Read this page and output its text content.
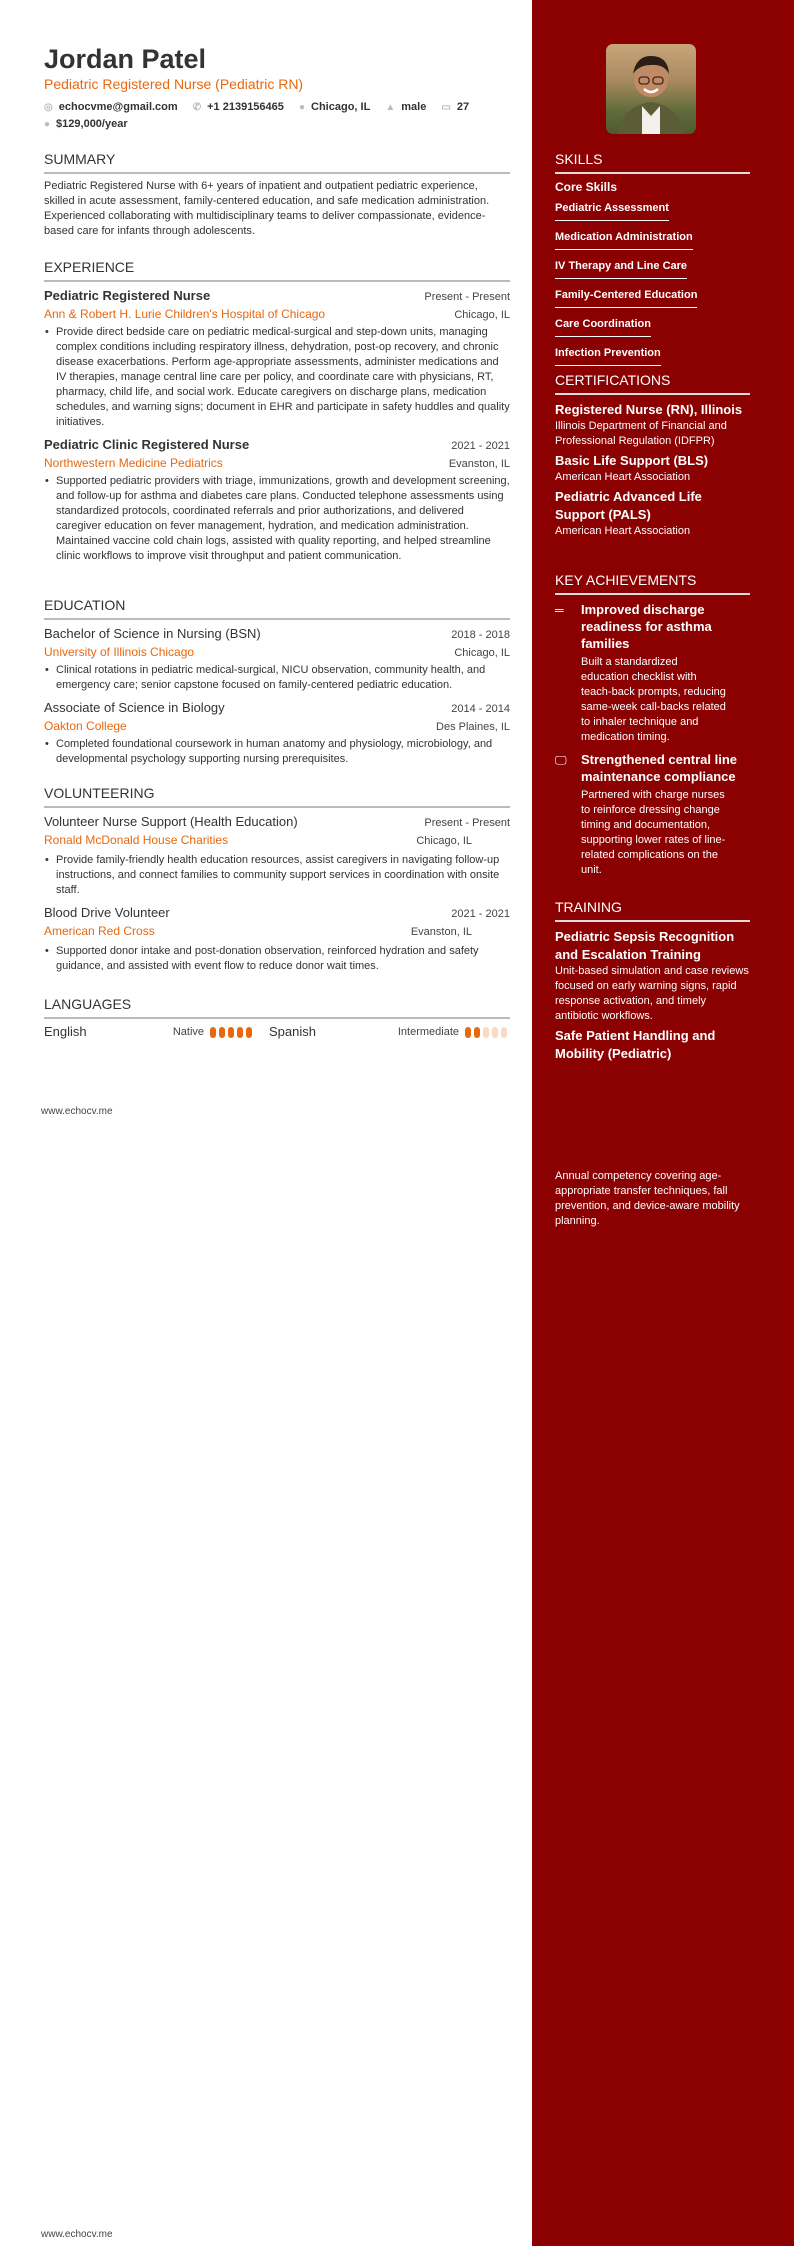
Jordan Patel
Pediatric Registered Nurse (Pediatric RN)
◎ echocvme@gmail.com ✆ +1 2139156465 ● Chicago, IL ▲ male ▭ 27
● $129,000/year
SUMMARY
Pediatric Registered Nurse with 6+ years of inpatient and outpatient pediatric experience, skilled in acute assessment, family-centered education, and safe medication administration. Experienced collaborating with multidisciplinary teams to deliver compassionate, evidence-based care for infants through adolescents.
EXPERIENCE
Pediatric Registered Nurse	Present - Present
Ann & Robert H. Lurie Children's Hospital of Chicago	Chicago, IL
• Provide direct bedside care on pediatric medical-surgical and step-down units, managing complex conditions including respiratory illness, dehydration, post-op recovery, and chronic disease exacerbations. Perform age-appropriate assessments, administer medications and IV therapies, manage central line care per policy, and coordinate care with physicians, RT, pharmacy, child life, and social work. Educate caregivers on discharge plans, medication schedules, and warning signs; document in EHR and participate in safety huddles and quality initiatives.
Pediatric Clinic Registered Nurse	2021 - 2021
Northwestern Medicine Pediatrics	Evanston, IL
• Supported pediatric providers with triage, immunizations, growth and development screening, and follow-up for asthma and diabetes care plans. Conducted telephone assessments using standardized protocols, coordinated referrals and prior authorizations, and delivered caregiver education on fever management, hydration, and medication administration. Maintained vaccine cold chain logs, assisted with quality reporting, and helped streamline clinic workflows to improve visit throughput and patient communication.
EDUCATION
Bachelor of Science in Nursing (BSN)	2018 - 2018
University of Illinois Chicago	Chicago, IL
• Clinical rotations in pediatric medical-surgical, NICU observation, community health, and emergency care; senior capstone focused on family-centered pediatric education.
Associate of Science in Biology	2014 - 2014
Oakton College	Des Plaines, IL
• Completed foundational coursework in human anatomy and physiology, microbiology, and developmental psychology supporting nursing prerequisites.
VOLUNTEERING
Volunteer Nurse Support (Health Education)	Present - Present
Ronald McDonald House Charities	Chicago, IL
• Provide family-friendly health education resources, assist caregivers in navigating follow-up instructions, and connect families to community support services in coordination with onsite staff.
Blood Drive Volunteer	2021 - 2021
American Red Cross	Evanston, IL
• Supported donor intake and post-donation observation, reinforced hydration and safety guidance, and assisted with event flow to reduce donor wait times.
LANGUAGES
English	Native	Spanish	Intermediate
www.echocv.me
www.echocv.me
SKILLS
Core Skills
Pediatric Assessment
Medication Administration
IV Therapy and Line Care
Family-Centered Education
Care Coordination
Infection Prevention
CERTIFICATIONS
Registered Nurse (RN), Illinois
Illinois Department of Financial and Professional Regulation (IDFPR)
Basic Life Support (BLS)
American Heart Association
Pediatric Advanced Life Support (PALS)
American Heart Association
KEY ACHIEVEMENTS
═	Improved discharge readiness for asthma families
Built a standardized education checklist with teach-back prompts, reducing same-week call-backs related to inhaler technique and medication timing.
🖵	Strengthened central line maintenance compliance
Partnered with charge nurses to reinforce dressing change timing and documentation, supporting lower rates of line-related complications on the unit.
TRAINING
Pediatric Sepsis Recognition and Escalation Training
Unit-based simulation and case reviews focused on early warning signs, rapid response activation, and timely antibiotic workflows.
Safe Patient Handling and Mobility (Pediatric)
Annual competency covering age-appropriate transfer techniques, fall prevention, and device-aware mobility planning.
